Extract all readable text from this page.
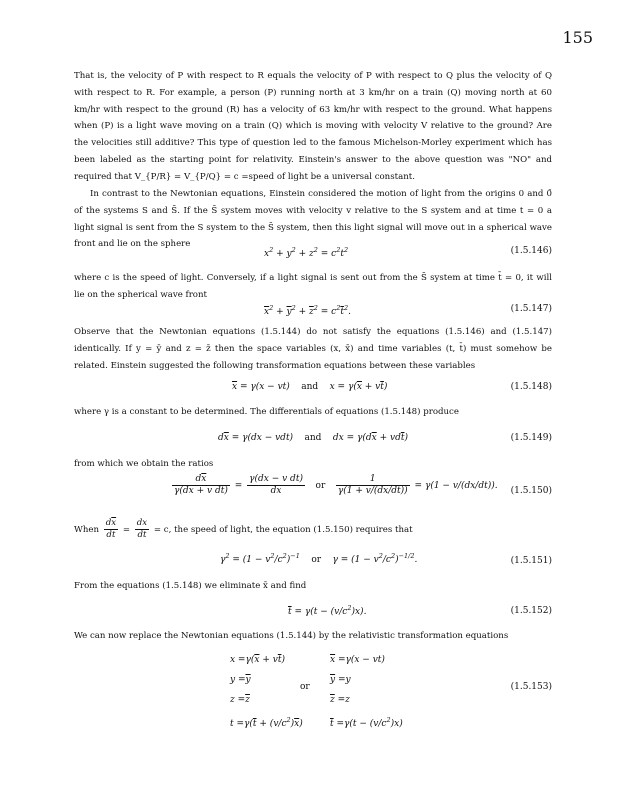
155
That is, the velocity of P with respect to R equals the velocity of P with respect to Q plus the velocity of Q with respect to R. For example, a person (P) running north at 3 km/hr on a train (Q) moving north at 60 km/hr with respect to the ground (R) has a velocity of 63 km/hr with respect to the ground. What happens when (P) is a light wave moving on a train (Q) which is moving with velocity V relative to the ground? Are the velocities still additive? This type of question led to the famous Michelson-Morley experiment which has been labeled as the starting point for relativity. Einstein's answer to the above question was "NO" and required that V_{P/R} = V_{P/Q} = c =speed of light be a universal constant.
In contrast to the Newtonian equations, Einstein considered the motion of light from the origins 0 and 0̄ of the systems S and S̄. If the S̄ system moves with velocity v relative to the S system and at time t = 0 a light signal is sent from the S system to the S̄ system, then this light signal will move out in a spherical wave front and lie on the sphere
$x^2 + y^2 + z^2 = c^2t^2$	(1.5.146)
where c is the speed of light. Conversely, if a light signal is sent out from the S̄ system at time t̄ = 0, it will lie on the spherical wave front
$\overline{x}^2 + \overline{y}^2 + \overline{z}^2 = c^2\overline{t}^2$.	(1.5.147)
Observe that the Newtonian equations (1.5.144) do not satisfy the equations (1.5.146) and (1.5.147) identically. If y = ȳ and z = z̄ then the space variables (x, x̄) and time variables (t, t̄) must somehow be related. Einstein suggested the following transformation equations between these variables
$\overline{x} = \gamma(x - vt)$    and    $x = \gamma(\overline{x} + v\overline{t})$	(1.5.148)
where γ is a constant to be determined. The differentials of equations (1.5.148) produce
$d\overline{x} = \gamma(dx - vdt)$    and    dx = $\gamma(d\overline{x} + vd\overline{t})$	(1.5.149)
from which we obtain the ratios
$\frac{d\overline{x}}{\gamma(d\overline{x} + v d\overline{t})} = \frac{\text{γ(dx − v dt)}}{dx}$ or $\frac{1}{\gamma(1 + v/(d\overline{x}/d\overline{t}))} = \gamma(1 - v/(dx/dt))$. (1.5.150)
When $\frac{d\overline{x}}{d\overline{t}} = \frac{dx}{dt} = c$, the speed of light, the equation (1.5.150) requires that
$\gamma^2 = (1 - v^2/c^2)^{-1}$ or    $\gamma = (1 - v^2/c^2)^{-1/2}$.	(1.5.151)
From the equations (1.5.148) we eliminate x̄ and find
$\overline{t} = \gamma(t - (v/c^2)x)$.	(1.5.152)
We can now replace the Newtonian equations (1.5.144) by the relativistic transformation equations
$x =\gamma(\overline{x} + v\overline{t})$
$y =\overline{y}$
$z =\overline{z}$
$t =\gamma(\overline{t} + (v/c^2)\overline{x})$
or
$\overline{x} =\gamma(x - vt)$
$\overline{y} =y$
$\overline{z} =z$
$\overline{t} =\gamma(t - (v/c^2)x)$
(1.5.153)
